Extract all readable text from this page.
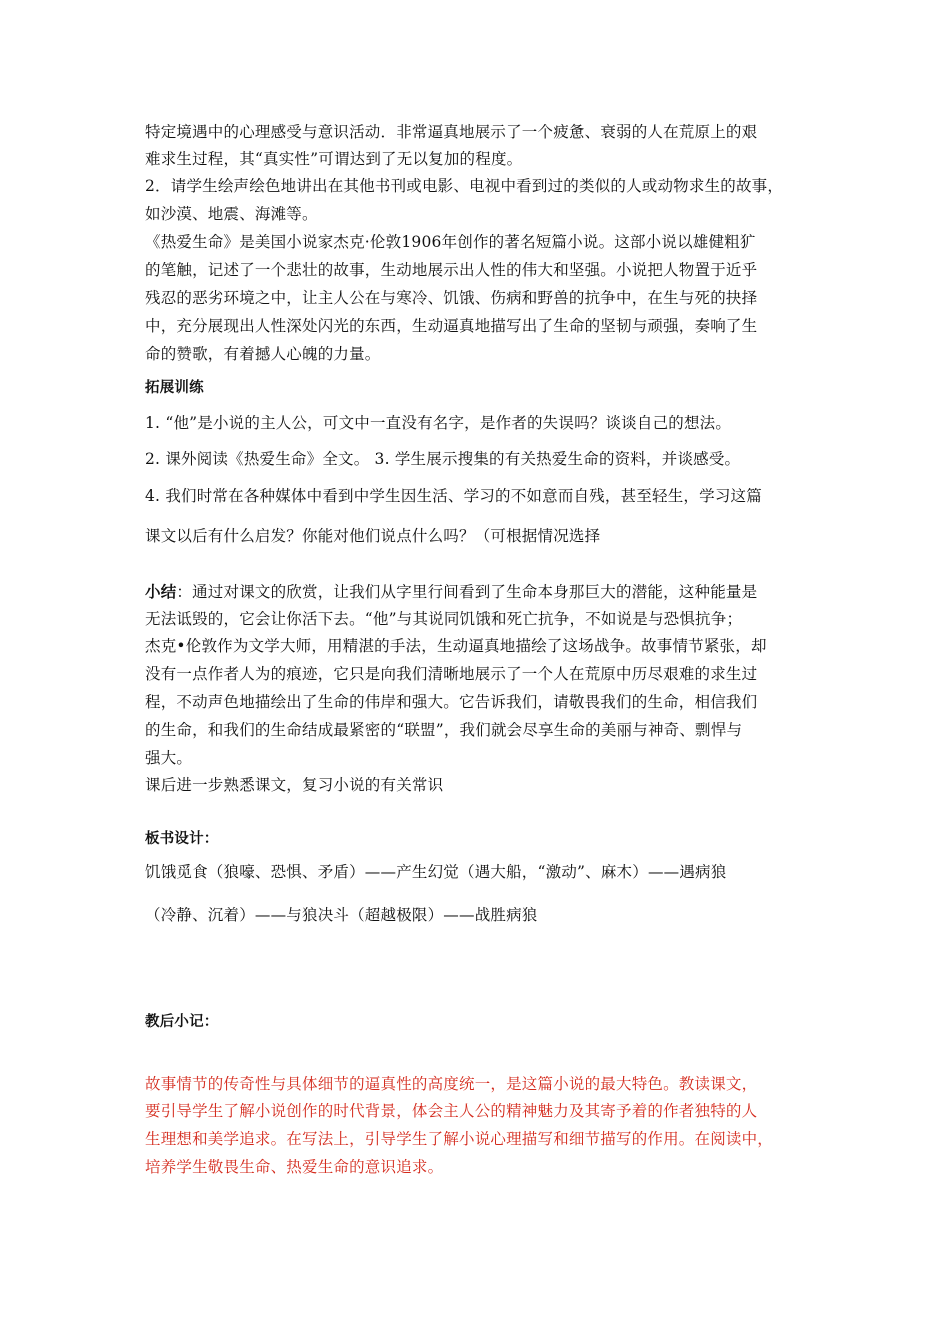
特定境遇中的心理感受与意识活动．非常逼真地展示了一个疲惫、衰弱的人在荒原上的艰
难求生过程，其“真实性”可谓达到了无以复加的程度。
2．请学生绘声绘色地讲出在其他书刊或电影、电视中看到过的类似的人或动物求生的故事，
如沙漠、地震、海滩等。
《热爱生命》是美国小说家杰克·伦敦1906年创作的著名短篇小说。这部小说以雄健粗犷
的笔触，记述了一个悲壮的故事，生动地展示出人性的伟大和坚强。小说把人物置于近乎
残忍的恶劣环境之中，让主人公在与寒冷、饥饿、伤病和野兽的抗争中，在生与死的抉择
中，充分展现出人性深处闪光的东西，生动逼真地描写出了生命的坚韧与顽强，奏响了生
命的赞歌，有着撼人心魄的力量。
拓展训练
1. “他”是小说的主人公，可文中一直没有名字，是作者的失误吗？谈谈自己的想法。
2. 课外阅读《热爱生命》全文。 3. 学生展示搜集的有关热爱生命的资料，并谈感受。
4. 我们时常在各种媒体中看到中学生因生活、学习的不如意而自残，甚至轻生，学习这篇
课文以后有什么启发？你能对他们说点什么吗？（可根据情况选择
小结：通过对课文的欣赏，让我们从字里行间看到了生命本身那巨大的潜能，这种能量是
无法诋毁的，它会让你活下去。“他”与其说同饥饿和死亡抗争，不如说是与恐惧抗争；
杰克•伦敦作为文学大师，用精湛的手法，生动逼真地描绘了这场战争。故事情节紧张，却
没有一点作者人为的痕迹，它只是向我们清晰地展示了一个人在荒原中历尽艰难的求生过
程，不动声色地描绘出了生命的伟岸和强大。它告诉我们，请敬畏我们的生命，相信我们
的生命，和我们的生命结成最紧密的“联盟”，我们就会尽享生命的美丽与神奇、剽悍与
强大。
课后进一步熟悉课文，复习小说的有关常识
板书设计：
饥饿觅食（狼嚎、恐惧、矛盾）——产生幻觉（遇大船，“激动”、麻木）——遇病狼
（冷静、沉着）——与狼决斗（超越极限）——战胜病狼
教后小记：
故事情节的传奇性与具体细节的逼真性的高度统一，是这篇小说的最大特色。教读课文，
要引导学生了解小说创作的时代背景，体会主人公的精神魅力及其寄予着的作者独特的人
生理想和美学追求。在写法上，引导学生了解小说心理描写和细节描写的作用。在阅读中，
培养学生敬畏生命、热爱生命的意识追求。
